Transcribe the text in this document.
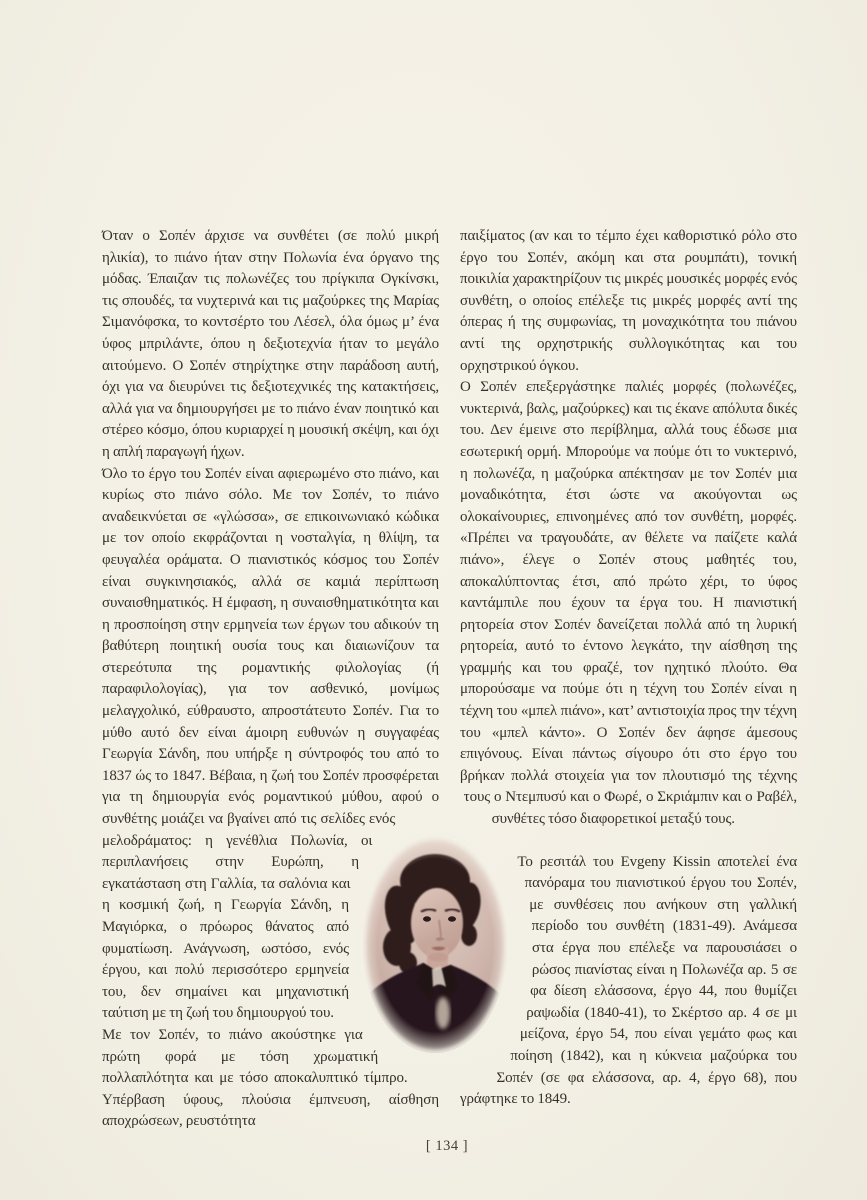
Όταν ο Σοπέν άρχισε να συνθέτει (σε πολύ μικρή ηλικία), το πιάνο ήταν στην Πολωνία ένα όργανο της μόδας. Έπαιζαν τις πολωνέζες του πρίγκιπα Ογκίνσκι, τις σπουδές, τα νυχτερινά και τις μαζούρκες της Μαρίας Σιμανόφσκα, το κοντσέρτο του Λέσελ, όλα όμως μ’ ένα ύφος μπριλάντε, όπου η δεξιοτεχνία ήταν το μεγάλο αιτούμενο. Ο Σοπέν στηρίχτηκε στην παράδοση αυτή, όχι για να διευρύνει τις δεξιοτεχνικές της κατακτήσεις, αλλά για να δημιουργήσει με το πιάνο έναν ποιητικό και στέρεο κόσμο, όπου κυριαρχεί η μουσική σκέψη, και όχι η απλή παραγωγή ήχων.

Όλο το έργο του Σοπέν είναι αφιερωμένο στο πιάνο, και κυρίως στο πιάνο σόλο. Με τον Σοπέν, το πιάνο αναδεικνύεται σε «γλώσσα», σε επικοινωνιακό κώδικα με τον οποίο εκφράζονται η νοσταλγία, η θλίψη, τα φευγαλέα οράματα. Ο πιανιστικός κόσμος του Σοπέν είναι συγκινησιακός, αλλά σε καμιά περίπτωση συναισθηματικός. Η έμφαση, η συναισθηματικότητα και η προσποίηση στην ερμηνεία των έργων του αδικούν τη βαθύτερη ποιητική ουσία τους και διαιωνίζουν τα στερεότυπα της ρομαντικής φιλολογίας (ή παραφιλολογίας), για τον ασθενικό, μονίμως μελαγχολικό, εύθραυστο, απροστάτευτο Σοπέν. Για το μύθο αυτό δεν είναι άμοιρη ευθυνών η συγγαφέας Γεωργία Σάνδη, που υπήρξε η σύντροφός του από το 1837 ώς το 1847. Βέβαια, η ζωή του Σοπέν προσφέρεται για τη δημιουργία ενός ρομαντικού μύθου, αφού ο συνθέτης μοιάζει να βγαίνει από τις σελίδες ενός μελοδράματος: η γενέθλια Πολωνία, οι περιπλανήσεις στην Ευρώπη, η εγκατάσταση στη Γαλλία, τα σαλόνια και η κοσμική ζωή, η Γεωργία Σάνδη, η Μαγιόρκα, ο πρόωρος θάνατος από φυματίωση. Ανάγνωση, ωστόσο, ενός έργου, και πολύ περισσότερο ερμηνεία του, δεν σημαίνει και μηχανιστική ταύτιση με τη ζωή του δημιουργού του.

Με τον Σοπέν, το πιάνο ακούστηκε για πρώτη φορά με τόση χρωματική πολλαπλότητα και με τόσο αποκαλυπτικό τίμπρο. Υπέρβαση ύφους, πλούσια έμπνευση, αίσθηση αποχρώσεων, ρευστότητα

παιξίματος (αν και το τέμπο έχει καθοριστικό ρόλο στο έργο του Σοπέν, ακόμη και στα ρουμπάτι), τονική ποικιλία χαρακτηρίζουν τις μικρές μουσικές μορφές ενός συνθέτη, ο οποίος επέλεξε τις μικρές μορφές αντί της όπερας ή της συμφωνίας, τη μοναχικότητα του πιάνου αντί της ορχηστρικής συλλογικότητας και του ορχηστρικού όγκου.

Ο Σοπέν επεξεργάστηκε παλιές μορφές (πολωνέζες, νυκτερινά, βαλς, μαζούρκες) και τις έκανε απόλυτα δικές του. Δεν έμεινε στο περίβλημα, αλλά τους έδωσε μια εσωτερική ορμή. Μπορούμε να πούμε ότι το νυκτερινό, η πολωνέζα, η μαζούρκα απέκτησαν με τον Σοπέν μια μοναδικότητα, έτσι ώστε να ακούγονται ως ολοκαίνουριες, επινοημένες από τον συνθέτη, μορφές. «Πρέπει να τραγουδάτε, αν θέλετε να παίζετε καλά πιάνο», έλεγε ο Σοπέν στους μαθητές του, αποκαλύπτοντας έτσι, από πρώτο χέρι, το ύφος καντάμπιλε που έχουν τα έργα του. Η πιανιστική ρητορεία στον Σοπέν δανείζεται πολλά από τη λυρική ρητορεία, αυτό το έντονο λεγκάτο, την αίσθηση της γραμμής και του φραζέ, τον ηχητικό πλούτο. Θα μπορούσαμε να πούμε ότι η τέχνη του Σοπέν είναι η τέχνη του «μπελ πιάνο», κατ’ αντιστοιχία προς την τέχνη του «μπελ κάντο». Ο Σοπέν δεν άφησε άμεσους επιγόνους. Είναι πάντως σίγουρο ότι στο έργο του βρήκαν πολλά στοιχεία για τον πλουτισμό της τέχνης τους ο Ντεμπυσύ και ο Φωρέ, ο Σκριάμπιν και ο Ραβέλ, συνθέτες τόσο διαφορετικοί μεταξύ τους.

Το ρεσιτάλ του Evgeny Kissin αποτελεί ένα πανόραμα του πιανιστικού έργου του Σοπέν, με συνθέσεις που ανήκουν στη γαλλική περίοδο του συνθέτη (1831-49). Ανάμεσα στα έργα που επέλεξε να παρουσιάσει ο ρώσος πιανίστας είναι η Πολωνέζα αρ. 5 σε φα δίεση ελάσσονα, έργο 44, που θυμίζει ραψωδία (1840-41), το Σκέρτσο αρ. 4 σε μι μείζονα, έργο 54, που είναι γεμάτο φως και ποίηση (1842), και η κύκνεια μαζούρκα του Σοπέν (σε φα ελάσσονα, αρ. 4, έργο 68), που γράφτηκε το 1849.

[ 134 ]
